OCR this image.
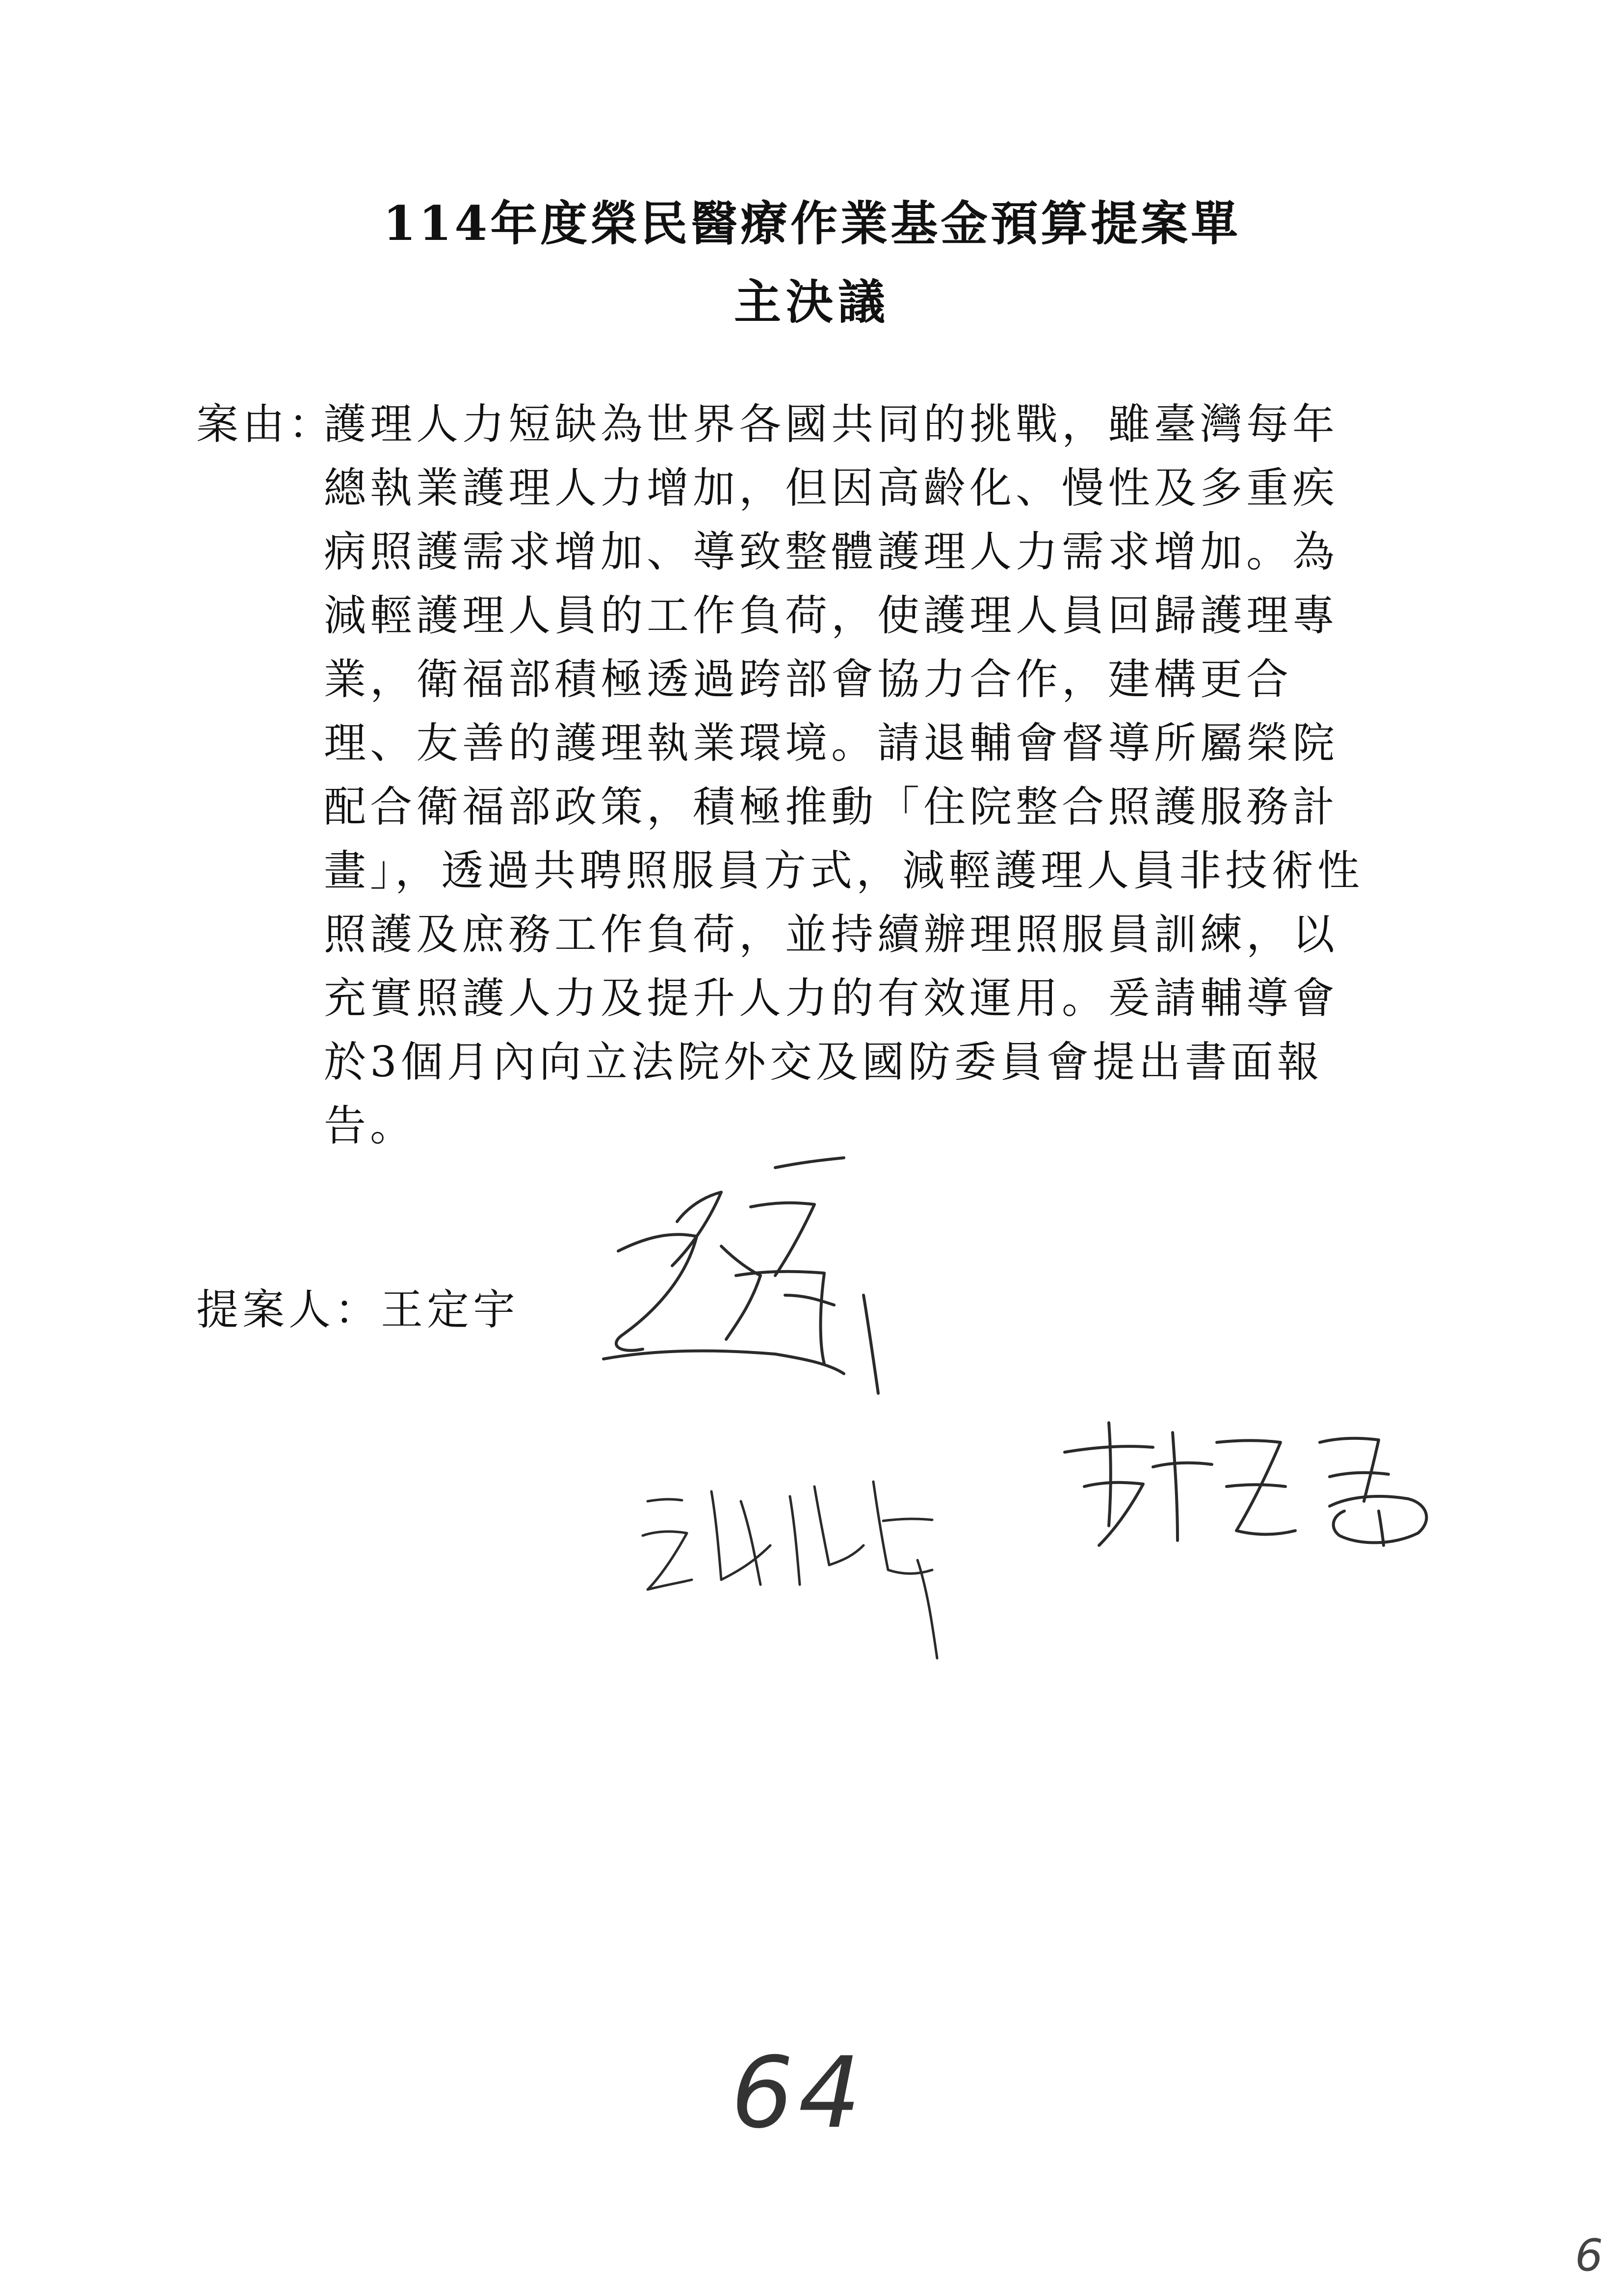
114年度榮民醫療作業基金預算提案單
主決議
案由：
護理人力短缺為世界各國共同的挑戰，雖臺灣每年
總執業護理人力增加，但因高齡化、慢性及多重疾
病照護需求增加、導致整體護理人力需求增加。為
減輕護理人員的工作負荷，使護理人員回歸護理專
業，衛福部積極透過跨部會協力合作，建構更合
理、友善的護理執業環境。請退輔會督導所屬榮院
配合衛福部政策，積極推動「住院整合照護服務計
畫」，透過共聘照服員方式，減輕護理人員非技術性
照護及庶務工作負荷，並持續辦理照服員訓練，以
充實照護人力及提升人力的有效運用。爰請輔導會
於3個月內向立法院外交及國防委員會提出書面報
告。
提案人：王定宇
64
6
